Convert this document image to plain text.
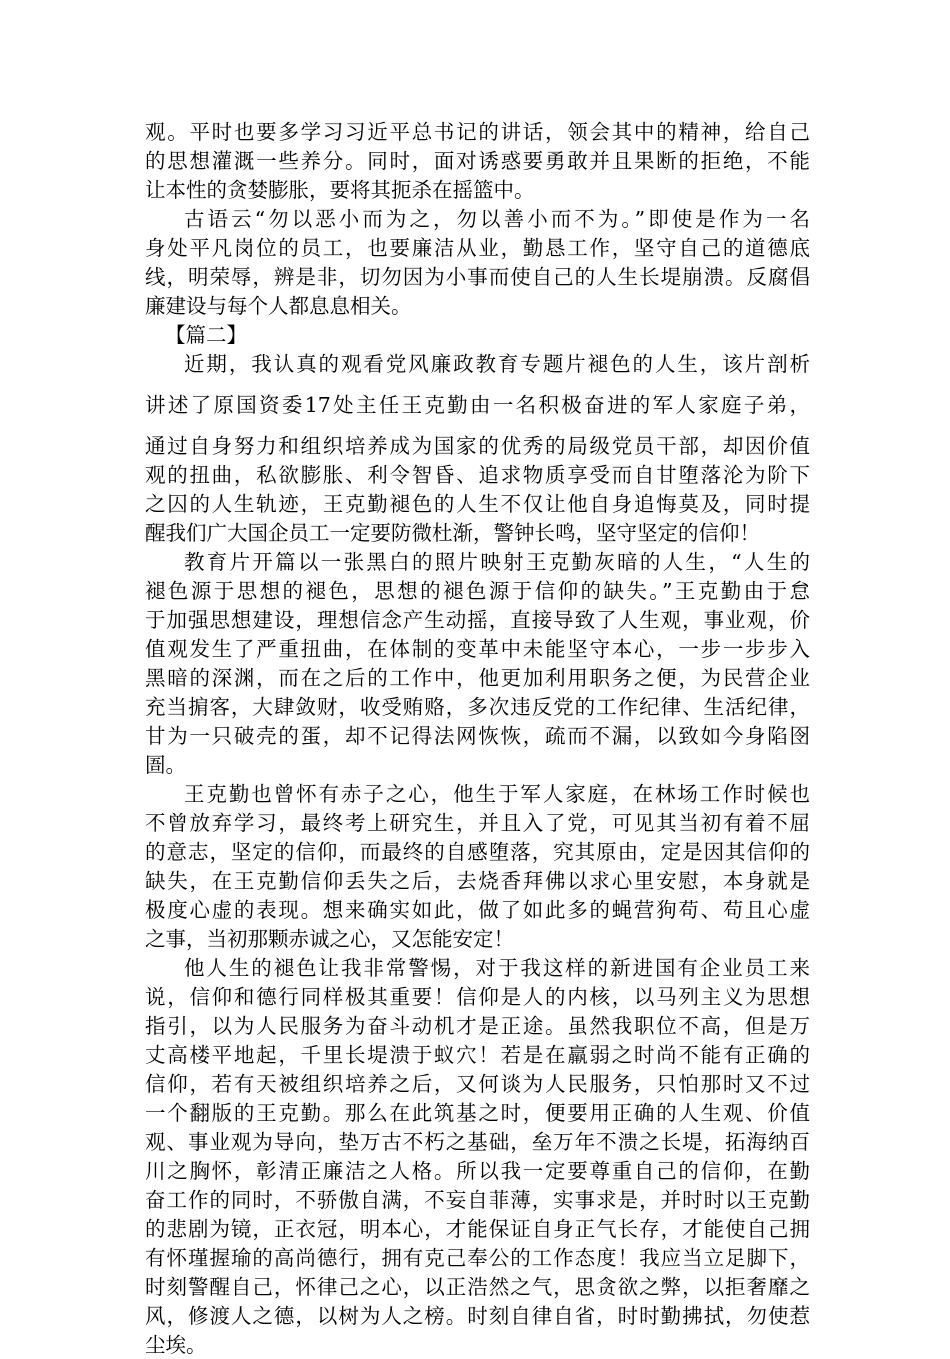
观。平时也要多学习习近平总书记的讲话，领会其中的精神，给自己
的思想灌溉一些养分。同时，面对诱惑要勇敢并且果断的拒绝，不能
让本性的贪婪膨胀，要将其扼杀在摇篮中。
古语云“勿以恶小而为之，勿以善小而不为。”即使是作为一名
身处平凡岗位的员工，也要廉洁从业，勤恳工作，坚守自己的道德底
线，明荣辱，辨是非，切勿因为小事而使自己的人生长堤崩溃。反腐倡
廉建设与每个人都息息相关。
【篇二】
近期，我认真的观看党风廉政教育专题片褪色的人生，该片剖析
讲述了原国资委17处主任王克勤由一名积极奋进的军人家庭子弟，
通过自身努力和组织培养成为国家的优秀的局级党员干部，却因价值
观的扭曲，私欲膨胀、利令智昏、追求物质享受而自甘堕落沦为阶下
之囚的人生轨迹，王克勤褪色的人生不仅让他自身追悔莫及，同时提
醒我们广大国企员工一定要防微杜渐，警钟长鸣，坚守坚定的信仰！
教育片开篇以一张黑白的照片映射王克勤灰暗的人生，“人生的
褪色源于思想的褪色，思想的褪色源于信仰的缺失。”王克勤由于怠
于加强思想建设，理想信念产生动摇，直接导致了人生观，事业观，价
值观发生了严重扭曲，在体制的变革中未能坚守本心，一步一步步入
黑暗的深渊，而在之后的工作中，他更加利用职务之便，为民营企业
充当掮客，大肆敛财，收受贿赂，多次违反党的工作纪律、生活纪律，
甘为一只破壳的蛋，却不记得法网恢恢，疏而不漏，以致如今身陷囹
圄。
王克勤也曾怀有赤子之心，他生于军人家庭，在林场工作时候也
不曾放弃学习，最终考上研究生，并且入了党，可见其当初有着不屈
的意志，坚定的信仰，而最终的自感堕落，究其原由，定是因其信仰的
缺失，在王克勤信仰丢失之后，去烧香拜佛以求心里安慰，本身就是
极度心虚的表现。想来确实如此，做了如此多的蝇营狗苟、苟且心虚
之事，当初那颗赤诚之心，又怎能安定！
他人生的褪色让我非常警惕，对于我这样的新进国有企业员工来
说，信仰和德行同样极其重要！信仰是人的内核，以马列主义为思想
指引，以为人民服务为奋斗动机才是正途。虽然我职位不高，但是万
丈高楼平地起，千里长堤溃于蚁穴！若是在羸弱之时尚不能有正确的
信仰，若有天被组织培养之后，又何谈为人民服务，只怕那时又不过
一个翻版的王克勤。那么在此筑基之时，便要用正确的人生观、价值
观、事业观为导向，垫万古不朽之基础，垒万年不溃之长堤，拓海纳百
川之胸怀，彰清正廉洁之人格。所以我一定要尊重自己的信仰，在勤
奋工作的同时，不骄傲自满，不妄自菲薄，实事求是，并时时以王克勤
的悲剧为镜，正衣冠，明本心，才能保证自身正气长存，才能使自己拥
有怀瑾握瑜的高尚德行，拥有克己奉公的工作态度！我应当立足脚下，
时刻警醒自己，怀律己之心，以正浩然之气，思贪欲之弊，以拒奢靡之
风，修渡人之德，以树为人之榜。时刻自律自省，时时勤拂拭，勿使惹
尘埃。
